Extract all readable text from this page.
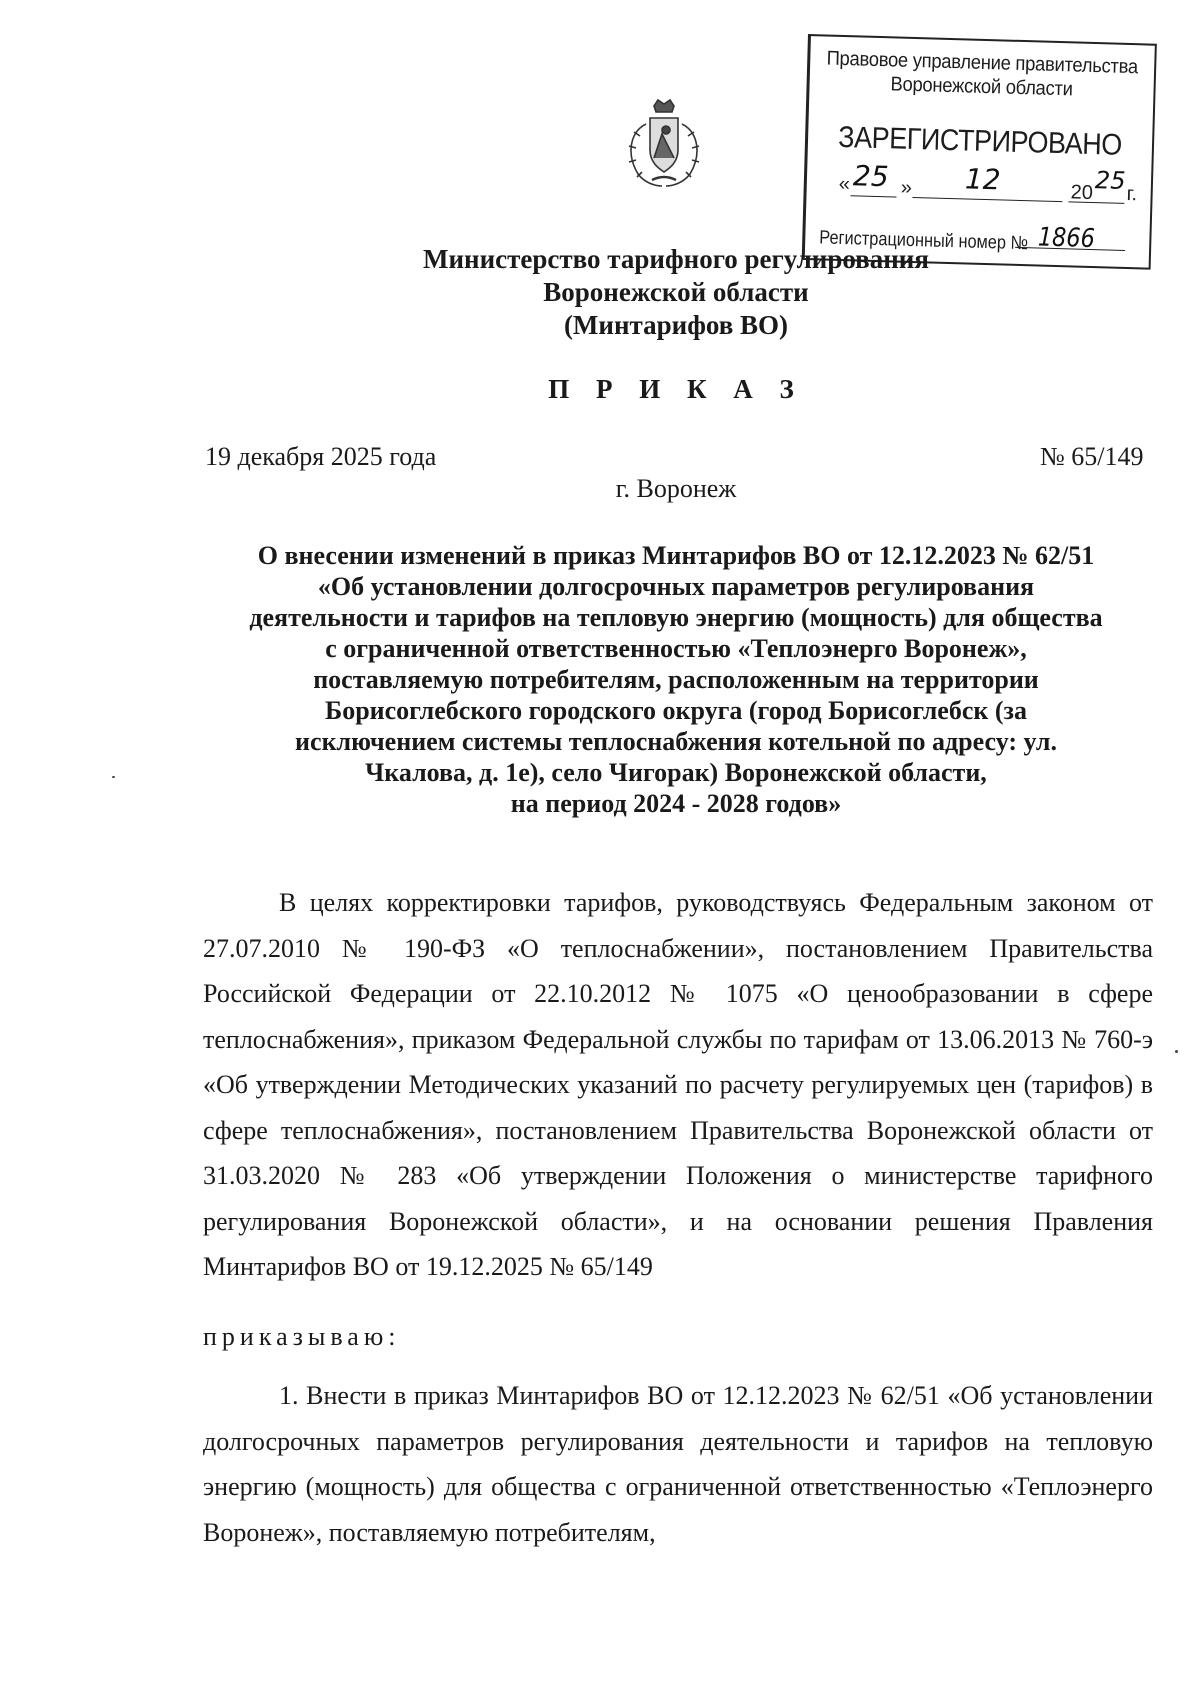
Правовое управление правительства
Воронежской области
ЗАРЕГИСТРИРОВАНО
« 25 » 12	20 25 г.
Регистрационный номер № 1866
Министерство тарифного регулирования
Воронежской области
(Минтарифов ВО)
П Р И К А З
19 декабря 2025 года	№ 65/149
г. Воронеж
О внесении изменений в приказ Минтарифов ВО от 12.12.2023 № 62/51
«Об установлении долгосрочных параметров регулирования
деятельности и тарифов на тепловую энергию (мощность) для общества
с ограниченной ответственностью «Теплоэнерго Воронеж»,
поставляемую потребителям, расположенным на территории
Борисоглебского городского округа (город Борисоглебск (за
исключением системы теплоснабжения котельной по адресу: ул.
Чкалова, д. 1е), село Чигорак) Воронежской области,
на период 2024 - 2028 годов»
В целях корректировки тарифов, руководствуясь Федеральным законом от 27.07.2010 № 190-ФЗ «О теплоснабжении», постановлением Правительства Российской Федерации от 22.10.2012 № 1075 «О ценообразовании в сфере теплоснабжения», приказом Федеральной службы по тарифам от 13.06.2013 № 760-э «Об утверждении Методических указаний по расчету регулируемых цен (тарифов) в сфере теплоснабжения», постановлением Правительства Воронежской области от 31.03.2020 № 283 «Об утверждении Положения о министерстве тарифного регулирования Воронежской области», и на основании решения Правления Минтарифов ВО от 19.12.2025 № 65/149
приказываю:
1. Внести в приказ Минтарифов ВО от 12.12.2023 № 62/51 «Об установлении долгосрочных параметров регулирования деятельности и тарифов на тепловую энергию (мощность) для общества с ограниченной ответственностью «Теплоэнерго Воронеж», поставляемую потребителям,
